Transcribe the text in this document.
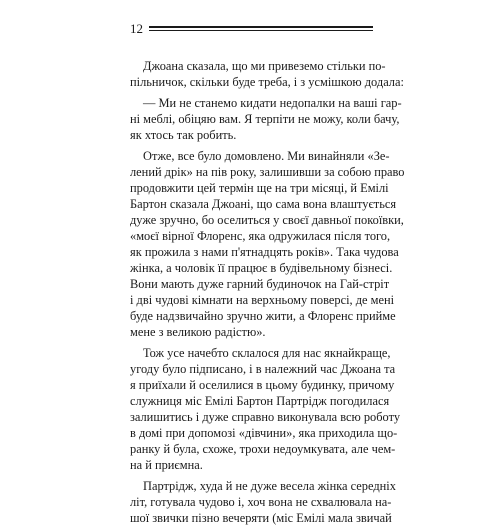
12
Джоана сказала, що ми привеземо стільки по-
пільничок, скільки буде треба, і з усмішкою додала:
— Ми не станемо кидати недопалки на ваші гар-
ні меблі, обіцяю вам. Я терпіти не можу, коли бачу,
як хтось так робить.
Отже, все було домовлено. Ми винайняли «Зе-
лений дрік» на пів року, залишивши за собою право
продовжити цей термін ще на три місяці, й Емілі
Бартон сказала Джоані, що сама вона влаштується
дуже зручно, бо оселиться у своєї давньої покоївки,
«моєї вірної Флоренс, яка одружилася після того,
як прожила з нами п'ятнадцять років». Така чудова
жінка, а чоловік її працює в будівельному бізнесі.
Вони мають дуже гарний будиночок на Гай-стріт
і дві чудові кімнати на верхньому поверсі, де мені
буде надзвичайно зручно жити, а Флоренс прийме
мене з великою радістю».
Тож усе начебто склалося для нас якнайкраще,
угоду було підписано, і в належний час Джоана та
я приїхали й оселилися в цьому будинку, причому
служниця міс Емілі Бартон Партрідж погодилася
залишитись і дуже справно виконувала всю роботу
в домі при допомозі «дівчини», яка приходила що-
ранку й була, схоже, трохи недоумкувата, але чем-
на й приємна.
Партрідж, худа й не дуже весела жінка середніх
літ, готувала чудово і, хоч вона не схвалювала на-
шої звички пізно вечеряти (міс Емілі мала звичай
